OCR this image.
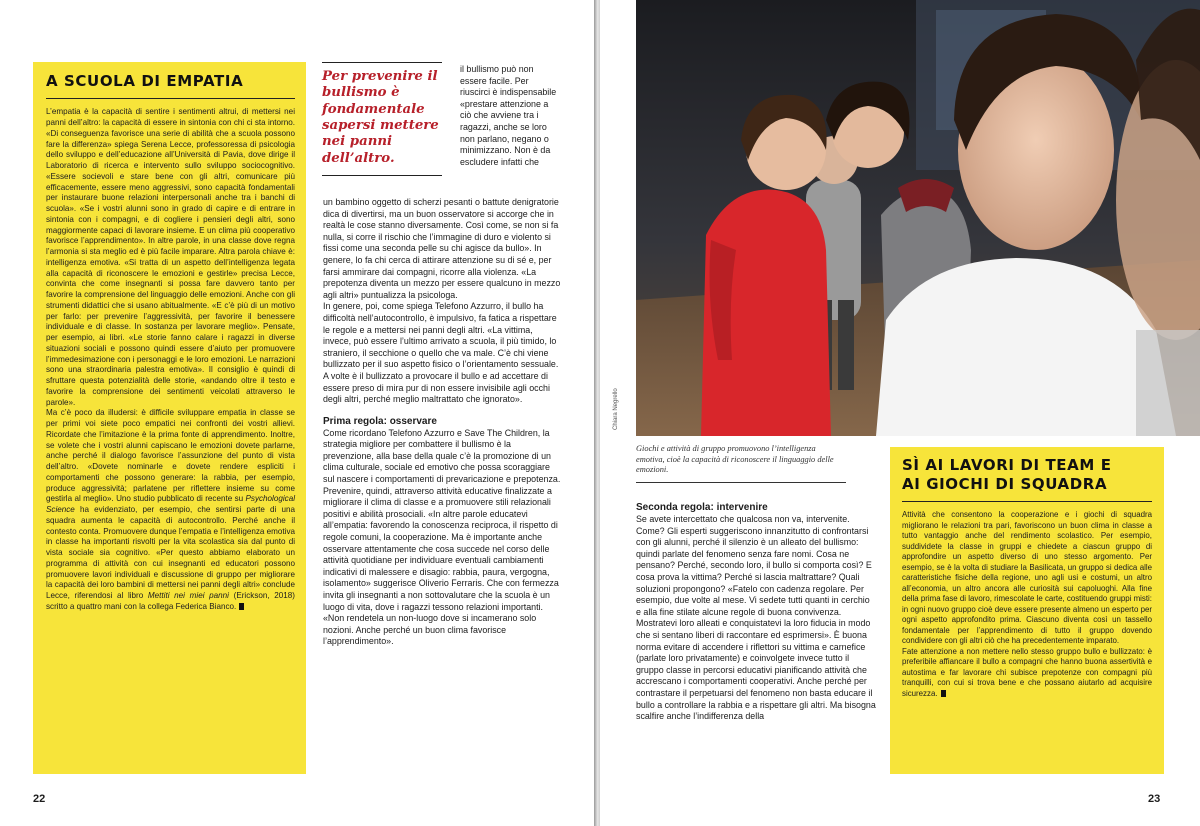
A SCUOLA DI EMPATIA

L’empatia è la capacità di sentire i sentimenti altrui, di mettersi nei panni dell’altro: la capacità di essere in sintonia con chi ci sta intorno. «Di conseguenza favorisce una serie di abilità che a scuola possono fare la differenza» spiega Serena Lecce, professoressa di psicologia dello sviluppo e dell’educazione all’Università di Pavia, dove dirige il Laboratorio di ricerca e intervento sullo sviluppo sociocognitivo. «Essere socievoli e stare bene con gli altri, comunicare più efficacemente, essere meno aggressivi, sono capacità fondamentali per instaurare buone relazioni interpersonali anche tra i banchi di scuola». «Se i vostri alunni sono in grado di capire e di entrare in sintonia con i compagni, e di cogliere i pensieri degli altri, sono maggiormente capaci di lavorare insieme. E un clima più cooperativo favorisce l’apprendimento». In altre parole, in una classe dove regna l’armonia si sta meglio ed è più facile imparare. Altra parola chiave è: intelligenza emotiva. «Si tratta di un aspetto dell’intelligenza legata alla capacità di riconoscere le emozioni e gestirle» precisa Lecce, convinta che come insegnanti si possa fare davvero tanto per favorire la comprensione del linguaggio delle emozioni. Anche con gli strumenti didattici che si usano abitualmente. «E c’è più di un motivo per farlo: per prevenire l’aggressività, per favorire il benessere individuale e di classe. In sostanza per lavorare meglio». Pensate, per esempio, ai libri. «Le storie fanno calare i ragazzi in diverse situazioni sociali e possono quindi essere d’aiuto per promuovere l’immedesimazione con i personaggi e le loro emozioni. Le narrazioni sono una straordinaria palestra emotiva». Il consiglio è quindi di sfruttare questa potenzialità delle storie, «andando oltre il testo e favorire la comprensione dei sentimenti veicolati attraverso le parole».

Ma c’è poco da illudersi: è difficile sviluppare empatia in classe se per primi voi siete poco empatici nei confronti dei vostri allievi. Ricordate che l’imitazione è la prima fonte di apprendimento. Inoltre, se volete che i vostri alunni capiscano le emozioni dovete parlarne, anche perché il dialogo favorisce l’assunzione del punto di vista dell’altro. «Dovete nominarle e dovete rendere espliciti i comportamenti che possono generare: la rabbia, per esempio, produce aggressività; parlatene per riflettere insieme su come gestirla al meglio». Uno studio pubblicato di recente su Psychological Science ha evidenziato, per esempio, che sentirsi parte di una squadra aumenta le capacità di autocontrollo. Perché anche il contesto conta. Promuovere dunque l’empatia e l’intelligenza emotiva in classe ha importanti risvolti per la vita scolastica sia dal punto di vista sociale sia cognitivo. «Per questo abbiamo elaborato un programma di attività con cui insegnanti ed educatori possono promuovere lavori individuali e discussione di gruppo per migliorare la capacità dei loro bambini di mettersi nei panni degli altri» conclude Lecce, riferendosi al libro Mettiti nei miei panni (Erickson, 2018) scritto a quattro mani con la collega Federica Bianco.

Per prevenire il bullismo è fondamentale sapersi mettere nei panni dell’altro.

il bullismo può non essere facile. Per riuscirci è indispensabile «prestare attenzione a ciò che avviene tra i ragazzi, anche se loro non parlano, negano o minimizzano. Non è da escludere infatti che

un bambino oggetto di scherzi pesanti o battute denigratorie dica di divertirsi, ma un buon osservatore si accorge che in realtà le cose stanno diversamente. Così come, se non si fa nulla, si corre il rischio che l’immagine di duro e violento si fissi come una seconda pelle su chi agisce da bullo». In genere, lo fa chi cerca di attirare attenzione su di sé e, per farsi ammirare dai compagni, ricorre alla violenza. «La prepotenza diventa un mezzo per essere qualcuno in mezzo agli altri» puntualizza la psicologa.

In genere, poi, come spiega Telefono Azzurro, il bullo ha difficoltà nell’autocontrollo, è impulsivo, fa fatica a rispettare le regole e a mettersi nei panni degli altri. «La vittima, invece, può essere l’ultimo arrivato a scuola, il più timido, lo straniero, il secchione o quello che va male. C’è chi viene bullizzato per il suo aspetto fisico o l’orientamento sessuale. A volte è il bullizzato a provocare il bullo e ad accettare di essere preso di mira pur di non essere invisibile agli occhi degli altri, perché meglio maltrattato che ignorato».

Prima regola: osservare

Come ricordano Telefono Azzurro e Save The Children, la strategia migliore per combattere il bullismo è la prevenzione, alla base della quale c’è la promozione di un clima culturale, sociale ed emotivo che possa scoraggiare sul nascere i comportamenti di prevaricazione e prepotenza. Prevenire, quindi, attraverso attività educative finalizzate a migliorare il clima di classe e a promuovere stili relazionali positivi e abilità prosociali. «In altre parole educatevi all’empatia: favorendo la conoscenza reciproca, il rispetto di regole comuni, la cooperazione. Ma è importante anche osservare attentamente che cosa succede nel corso delle attività quotidiane per individuare eventuali cambiamenti indicativi di malessere e disagio: rabbia, paura, vergogna, isolamento» suggerisce Oliverio Ferraris. Che con fermezza invita gli insegnanti a non sottovalutare che la scuola è un luogo di vita, dove i ragazzi tessono relazioni importanti. «Non rendetela un non-luogo dove si incamerano solo nozioni. Anche perché un buon clima favorisce l’apprendimento».

22
Chiara Negrello

Giochi e attività di gruppo promuovono l’intelligenza emotiva, cioè la capacità di riconoscere il linguaggio delle emozioni.

Seconda regola: intervenire

Se avete intercettato che qualcosa non va, intervenite. Come? Gli esperti suggeriscono innanzitutto di confrontarsi con gli alunni, perché il silenzio è un alleato del bullismo: quindi parlate del fenomeno senza fare nomi. Cosa ne pensano? Perché, secondo loro, il bullo si comporta così? E cosa prova la vittima? Perché si lascia maltrattare? Quali soluzioni propongono? «Fatelo con cadenza regolare. Per esempio, due volte al mese. Vi sedete tutti quanti in cerchio e alla fine stilate alcune regole di buona convivenza. Mostratevi loro alleati e conquistatevi la loro fiducia in modo che si sentano liberi di raccontare ed esprimersi». È buona norma evitare di accendere i riflettori su vittima e carnefice (parlate loro privatamente) e coinvolgete invece tutto il gruppo classe in percorsi educativi pianificando attività che accrescano i comportamenti cooperativi. Anche perché per contrastare il perpetuarsi del fenomeno non basta educare il bullo a controllare la rabbia e a rispettare gli altri. Ma bisogna scalfire anche l’indifferenza della

SÌ AI LAVORI DI TEAM E
AI GIOCHI DI SQUADRA

Attività che consentono la cooperazione e i giochi di squadra migliorano le relazioni tra pari, favoriscono un buon clima in classe a tutto vantaggio anche del rendimento scolastico. Per esempio, suddividete la classe in gruppi e chiedete a ciascun gruppo di approfondire un aspetto diverso di uno stesso argomento. Per esempio, se è la volta di studiare la Basilicata, un gruppo si dedica alle caratteristiche fisiche della regione, uno agli usi e costumi, un altro all’economia, un altro ancora alle curiosità sui capoluoghi. Alla fine della prima fase di lavoro, rimescolate le carte, costituendo gruppi misti: in ogni nuovo gruppo cioè deve essere presente almeno un esperto per ogni aspetto approfondito prima. Ciascuno diventa così un tassello fondamentale per l’apprendimento di tutto il gruppo dovendo condividere con gli altri ciò che ha precedentemente imparato.

Fate attenzione a non mettere nello stesso gruppo bullo e bullizzato: è preferibile affiancare il bullo a compagni che hanno buona assertività e autostima e far lavorare chi subisce prepotenze con compagni più tranquilli, con cui si trova bene e che possano aiutarlo ad acquisire sicurezza.

23
